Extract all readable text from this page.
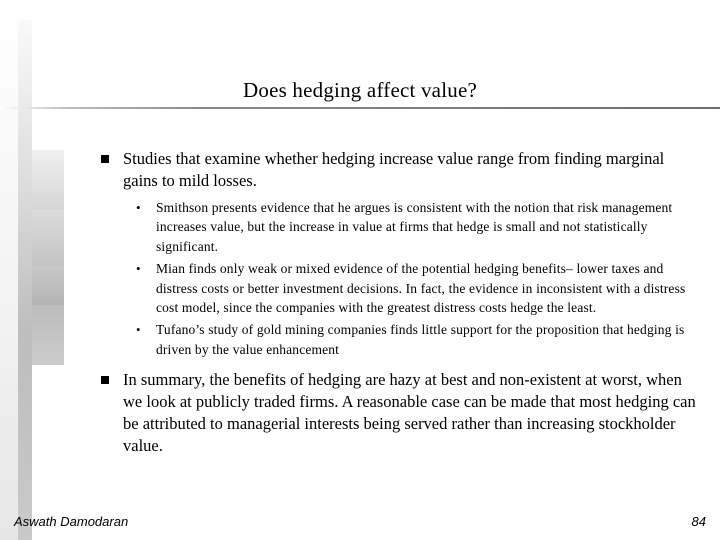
Does hedging affect value?
Studies that examine whether hedging increase value range from finding marginal gains to mild losses.
• Smithson presents evidence that he argues is consistent with the notion that risk management increases value, but the increase in value at firms that hedge is small and not statistically significant.
• Mian finds only weak or mixed evidence of the potential hedging benefits– lower taxes and distress costs or better investment decisions. In fact, the evidence in inconsistent with a distress cost model, since the companies with the greatest distress costs hedge the least.
• Tufano’s study of gold mining companies finds little support for the proposition that hedging is driven by the value enhancement
In summary, the benefits of hedging are hazy at best and non-existent at worst, when we look at publicly traded firms. A reasonable case can be made that most hedging can be attributed to managerial interests being served rather than increasing stockholder value.
Aswath Damodaran	84
